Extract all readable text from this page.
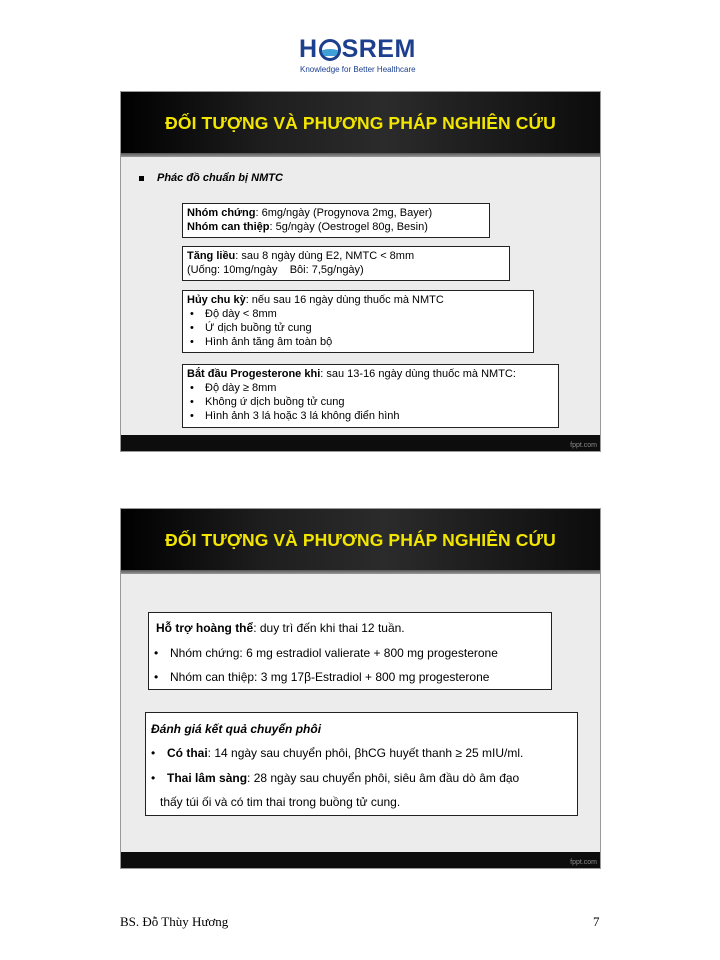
H SREM
Knowledge for Better Healthcare
ĐỐI TƯỢNG VÀ PHƯƠNG PHÁP NGHIÊN CỨU
Phác đồ chuẩn bị NMTC
Nhóm chứng: 6mg/ngày (Progynova 2mg, Bayer)
Nhóm can thiệp: 5g/ngày (Oestrogel 80g, Besin)
Tăng liều: sau 8 ngày dùng E2, NMTC < 8mm
(Uống: 10mg/ngày    Bôi: 7,5g/ngày)
Hủy chu kỳ: nếu sau 16 ngày dùng thuốc mà NMTC
• Độ dày < 8mm
• Ứ dịch buồng tử cung
• Hình ảnh tăng âm toàn bộ
Bắt đầu Progesterone khi: sau 13-16 ngày dùng thuốc mà NMTC:
• Độ dày ≥ 8mm
• Không ứ dịch buồng tử cung
• Hình ảnh 3 lá hoặc 3 lá không điển hình
fppt.com
ĐỐI TƯỢNG VÀ PHƯƠNG PHÁP NGHIÊN CỨU
Hỗ trợ hoàng thể: duy trì đến khi thai 12 tuần.
• Nhóm chứng: 6 mg estradiol valierate + 800 mg progesterone
• Nhóm can thiệp: 3 mg 17β-Estradiol + 800 mg progesterone
Đánh giá kết quả chuyển phôi
• Có thai: 14 ngày sau chuyển phôi, βhCG huyết thanh ≥ 25 mIU/ml.
• Thai lâm sàng: 28 ngày sau chuyển phôi, siêu âm đầu dò âm đạo
thấy túi ối và có tim thai trong buồng tử cung.
fppt.com
BS. Đỗ Thùy Hương	7
